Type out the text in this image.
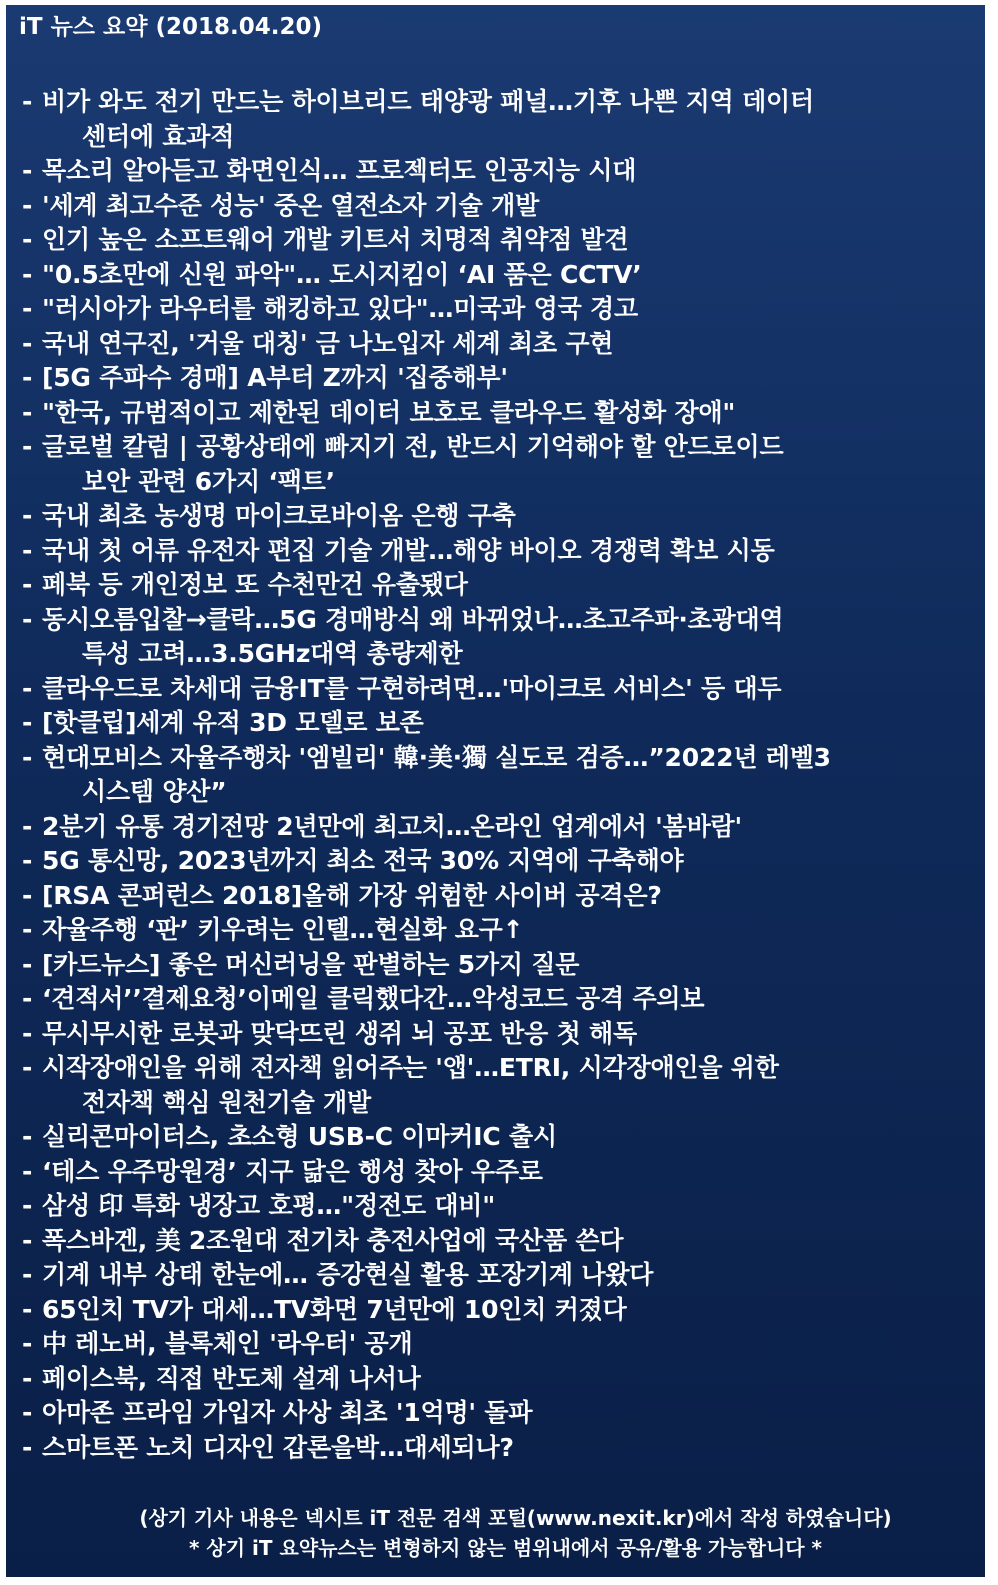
iT 뉴스 요약 (2018.04.20)
- 비가 와도 전기 만드는 하이브리드 태양광 패널…기후 나쁜 지역 데이터
센터에 효과적
- 목소리 알아듣고 화면인식… 프로젝터도 인공지능 시대
- '세계 최고수준 성능' 중온 열전소자 기술 개발
- 인기 높은 소프트웨어 개발 키트서 치명적 취약점 발견
- "0.5초만에 신원 파악"… 도시지킴이 ‘AI 품은 CCTV’
- "러시아가 라우터를 해킹하고 있다"…미국과 영국 경고
- 국내 연구진, '거울 대칭' 금 나노입자 세계 최초 구현
- [5G 주파수 경매] A부터 Z까지 '집중해부'
- "한국, 규범적이고 제한된 데이터 보호로 클라우드 활성화 장애"
- 글로벌 칼럼 | 공황상태에 빠지기 전, 반드시 기억해야 할 안드로이드
보안 관련 6가지 ‘팩트’
- 국내 최초 농생명 마이크로바이옴 은행 구축
- 국내 첫 어류 유전자 편집 기술 개발…해양 바이오 경쟁력 확보 시동
- 페북 등 개인정보 또 수천만건 유출됐다
- 동시오름입찰→클락…5G 경매방식 왜 바뀌었나…초고주파·초광대역
특성 고려…3.5GHz대역 총량제한
- 클라우드로 차세대 금융IT를 구현하려면…'마이크로 서비스' 등 대두
- [핫클립]세계 유적 3D 모델로 보존
- 현대모비스 자율주행차 '엠빌리' 韓·美·獨 실도로 검증…”2022년 레벨3
시스템 양산”
- 2분기 유통 경기전망 2년만에 최고치…온라인 업계에서 '봄바람'
- 5G 통신망, 2023년까지 최소 전국 30% 지역에 구축해야
- [RSA 콘퍼런스 2018]올해 가장 위험한 사이버 공격은?
- 자율주행 ‘판’ 키우려는 인텔…현실화 요구↑
- [카드뉴스] 좋은 머신러닝을 판별하는 5가지 질문
- ‘견적서’’결제요청’이메일 클릭했다간…악성코드 공격 주의보
- 무시무시한 로봇과 맞닥뜨린 생쥐 뇌 공포 반응 첫 해독
- 시작장애인을 위해 전자책 읽어주는 '앱'…ETRI, 시각장애인을 위한
전자책 핵심 원천기술 개발
- 실리콘마이터스, 초소형 USB-C 이마커IC 출시
- ‘테스 우주망원경’ 지구 닮은 행성 찾아 우주로
- 삼성 印 특화 냉장고 호평…"정전도 대비"
- 폭스바겐, 美 2조원대 전기차 충전사업에 국산품 쓴다
- 기계 내부 상태 한눈에… 증강현실 활용 포장기계 나왔다
- 65인치 TV가 대세…TV화면 7년만에 10인치 커졌다
- 中 레노버, 블록체인 '라우터' 공개
- 페이스북, 직접 반도체 설계 나서나
- 아마존 프라임 가입자 사상 최초 '1억명' 돌파
- 스마트폰 노치 디자인 갑론을박…대세되나?
(상기 기사 내용은 넥시트 iT 전문 검색 포털(www.nexit.kr)에서 작성 하였습니다)
* 상기 iT 요약뉴스는 변형하지 않는 범위내에서 공유/활용 가능합니다 *
